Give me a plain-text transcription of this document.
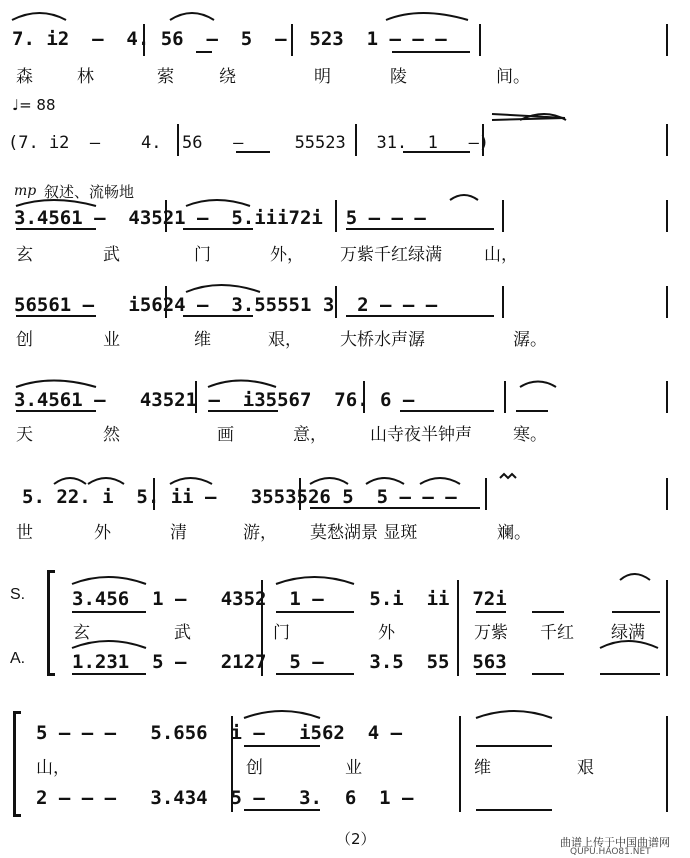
7. i2  —  4. 56  —  5  —  523  1 — — —
森	林	萦	绕	明	陵	间。
♩= 88
(7. i2  —    4.  56   —     55523   31.  1   —)
mp 叙述、流畅地
3.4561 —  43521 —  5.iii72i  5 — — —
玄	武	门	外， 万紫千红绿满 山，
56561 —   i5624 —  3.55551 3  2 — — —
创	业	维	艰， 大桥水声潺	潺。
3.4561 —   43521 —  i35567  76. 6 —
天	然	画	意，	山寺夜半钟声 寒。
5. 22. i  5. ii —   3553526 5  5 — — —
世	外	清	游， 莫愁湖景 显斑	斓。
S.
A.
3.456  1 —   4352  1 —    5.i  ii  72i
玄	武	门	外	万紫 千红 绿满
1.231  5 —   2127  5 —    3.5  55  563
5 — — —   5.656  i —   i562  4 —
山，	创	业	维	艰
2 — — —   3.434  5 —   3.  6  1 —
（2）	曲谱上传于中国曲谱网
QUPU.HAO81.NET
